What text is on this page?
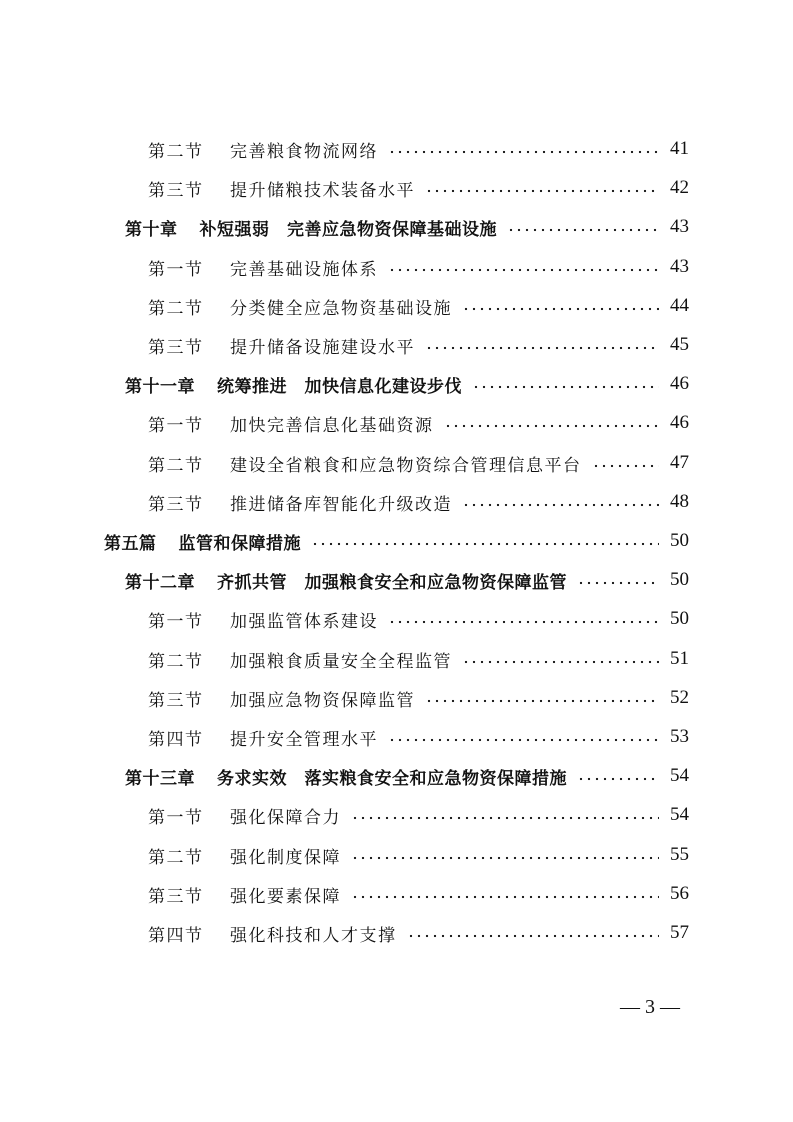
第二节 完善粮食物流网络	41
第三节 提升储粮技术装备水平	42
第十章 补短强弱　完善应急物资保障基础设施	43
第一节 完善基础设施体系	43
第二节 分类健全应急物资基础设施	44
第三节 提升储备设施建设水平	45
第十一章 统筹推进　加快信息化建设步伐	46
第一节 加快完善信息化基础资源	46
第二节 建设全省粮食和应急物资综合管理信息平台	47
第三节 推进储备库智能化升级改造	48
第五篇 监管和保障措施	50
第十二章 齐抓共管　加强粮食安全和应急物资保障监管	50
第一节 加强监管体系建设	50
第二节 加强粮食质量安全全程监管	51
第三节 加强应急物资保障监管	52
第四节 提升安全管理水平	53
第十三章 务求实效　落实粮食安全和应急物资保障措施	54
第一节 强化保障合力	54
第二节 强化制度保障	55
第三节 强化要素保障	56
第四节 强化科技和人才支撑	57
— 3 —
